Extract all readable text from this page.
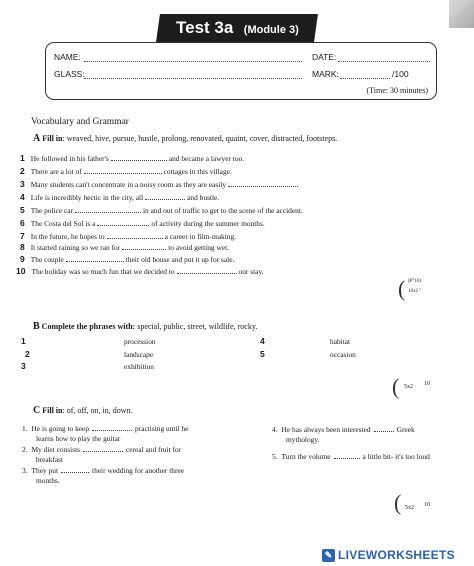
Test 3a (Module 3)
NAME:	DATE:
GLASS:	MARK:	/100
(Time: 30 minutes)
Vocabulary and Grammar
A Fill in: weaved, hive, pursue, hustle, prolong, renovated, quaint, cover, distracted, footsteps.
1 He followed in his father's	and became a lawyer too.
2 There are a lot of	cottages in this village.
3 Many students can't concentrate in a noisy room as they are easily
4 Life is incredibly hectic in the city, all	and bustle.
5 The police car	in and out of traffic to get to the scene of the accident.
6 The Costa del Sol is a	of activity during the summer months.
7 In the future, he hopes to	a career in film-making.
8 It started raining so we ran for	to avoid getting wet.
9 The couple	their old house and put it up for sale.
10 The holiday was so much fun that we decided to	our stay.
( (P°10)
10x2 "
B Complete the phrases with: special, public, street, wildlife, rocky.
1	procession
2	landscape
3	exhibition
4	habitat
5	occasion
( 5x2 10
C Fill in: of, off, on, in, down.
1. He is going to keep	practising until he
learns how to play the guitar
2. My diet consists	cereal and fruit for
breakfast
3. They put	their wedding for another three
months.
4. He has always been interested	Greek
mythology.
5. Turn the volume	a little bit- it's too loud
( 5x2 10
✎ LIVEWORKSHEETS
